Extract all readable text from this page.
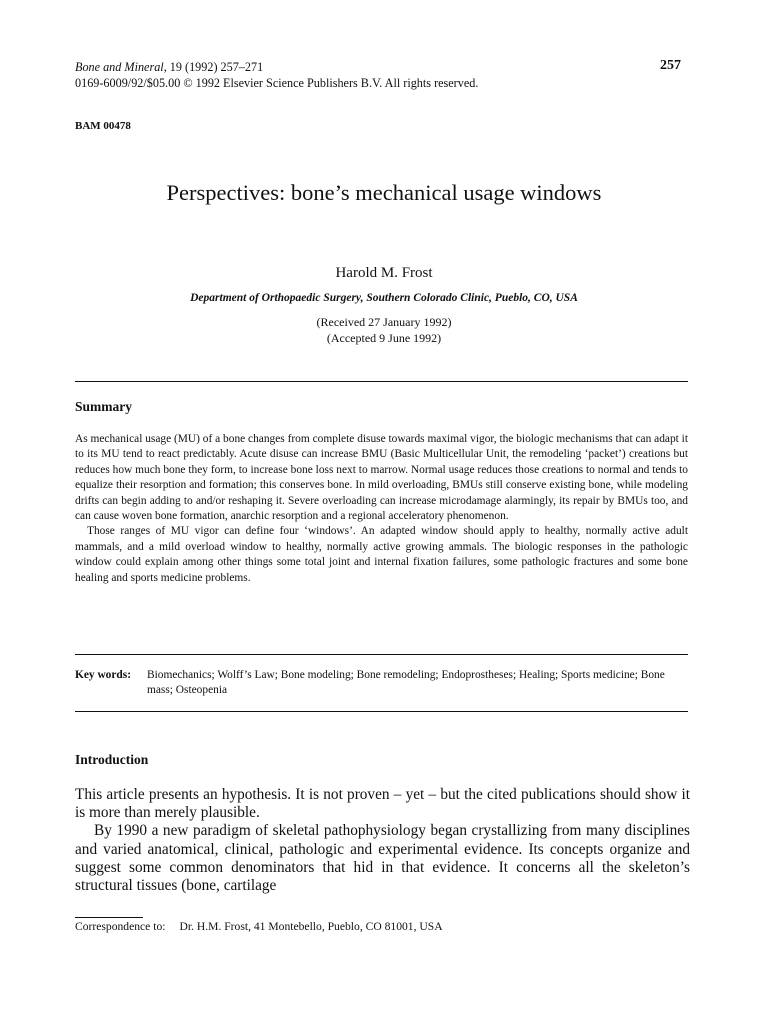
Bone and Mineral, 19 (1992) 257–271
0169-6009/92/$05.00 © 1992 Elsevier Science Publishers B.V. All rights reserved.
257
BAM 00478
Perspectives: bone’s mechanical usage windows
Harold M. Frost
Department of Orthopaedic Surgery, Southern Colorado Clinic, Pueblo, CO, USA
(Received 27 January 1992)
(Accepted 9 June 1992)
Summary

As mechanical usage (MU) of a bone changes from complete disuse towards maximal vigor, the biologic mechanisms that can adapt it to its MU tend to react predictably. Acute disuse can increase BMU (Basic Multicellular Unit, the remodeling ‘packet’) creations but reduces how much bone they form, to increase bone loss next to marrow. Normal usage reduces those creations to normal and tends to equalize their resorption and formation; this conserves bone. In mild overloading, BMUs still conserve existing bone, while modeling drifts can begin adding to and/or reshaping it. Severe overloading can increase microdamage alarmingly, its repair by BMUs too, and can cause woven bone formation, anarchic resorption and a regional acceleratory phenomenon.

Those ranges of MU vigor can define four ‘windows’. An adapted window should apply to healthy, normally active adult mammals, and a mild overload window to healthy, normally active growing ammals. The biologic responses in the pathologic window could explain among other things some total joint and internal fixation failures, some pathologic fractures and some bone healing and sports medicine problems.

Key words:	Biomechanics; Wolff’s Law; Bone modeling; Bone remodeling; Endoprostheses; Healing; Sports medicine; Bone mass; Osteopenia
Introduction

This article presents an hypothesis. It is not proven – yet – but the cited publications should show it is more than merely plausible.

By 1990 a new paradigm of skeletal pathophysiology began crystallizing from many disciplines and varied anatomical, clinical, pathologic and experimental evidence. Its concepts organize and suggest some common denominators that hid in that evidence. It concerns all the skeleton’s structural tissues (bone, cartilage

Correspondence to: Dr. H.M. Frost, 41 Montebello, Pueblo, CO 81001, USA
